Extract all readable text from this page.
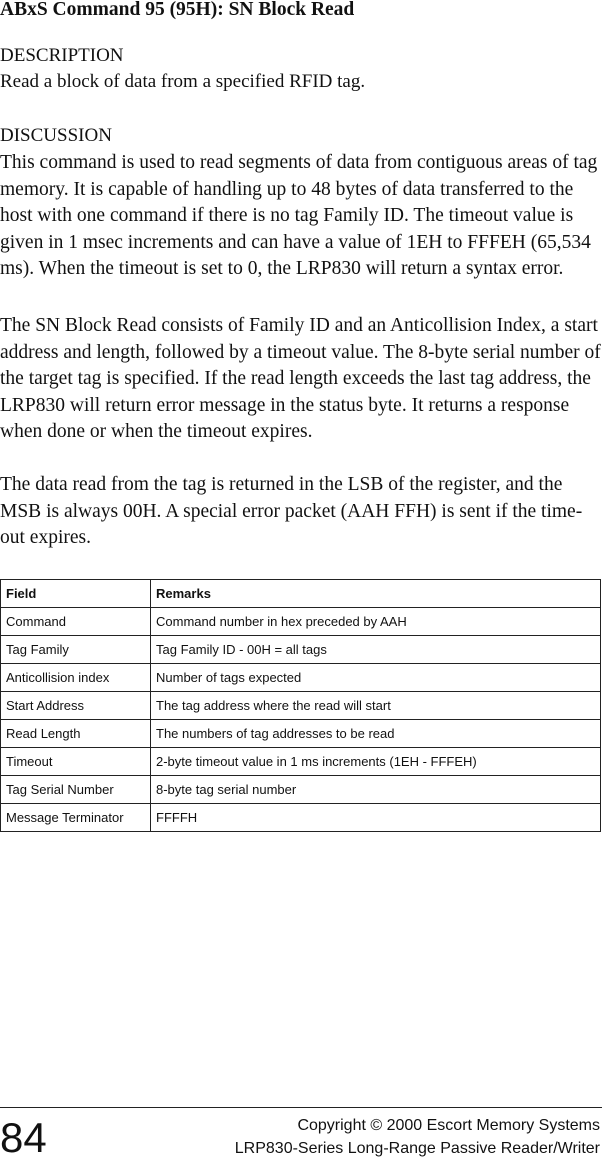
ABxS Command 95 (95H): SN Block Read
DESCRIPTION
Read a block of data from a specified RFID tag.
DISCUSSION
This command is used to read segments of data from contiguous areas of tag
memory. It is capable of handling up to 48 bytes of data transferred to the
host with one command if there is no tag Family ID. The timeout value is
given in 1 msec increments and can have a value of 1EH to FFFEH (65,534
ms). When the timeout is set to 0, the LRP830 will return a syntax error.
The SN Block Read consists of Family ID and an Anticollision Index, a start
address and length, followed by a timeout value. The 8-byte serial number of
the target tag is specified. If the read length exceeds the last tag address, the
LRP830 will return error message in the status byte. It returns a response
when done or when the timeout expires.
The data read from the tag is returned in the LSB of the register, and the
MSB is always 00H. A special error packet (AAH FFH) is sent if the time-
out expires.
Field	Remarks
Command	Command number in hex preceded by AAH
Tag Family	Tag Family ID - 00H = all tags
Anticollision index	Number of tags expected
Start Address	The tag address where the read will start
Read Length	The numbers of tag addresses to be read
Timeout	2-byte timeout value in 1 ms increments (1EH - FFFEH)
Tag Serial Number	8-byte tag serial number
Message Terminator	FFFFH
84	Copyright © 2000 Escort Memory Systems
LRP830-Series Long-Range Passive Reader/Writer
